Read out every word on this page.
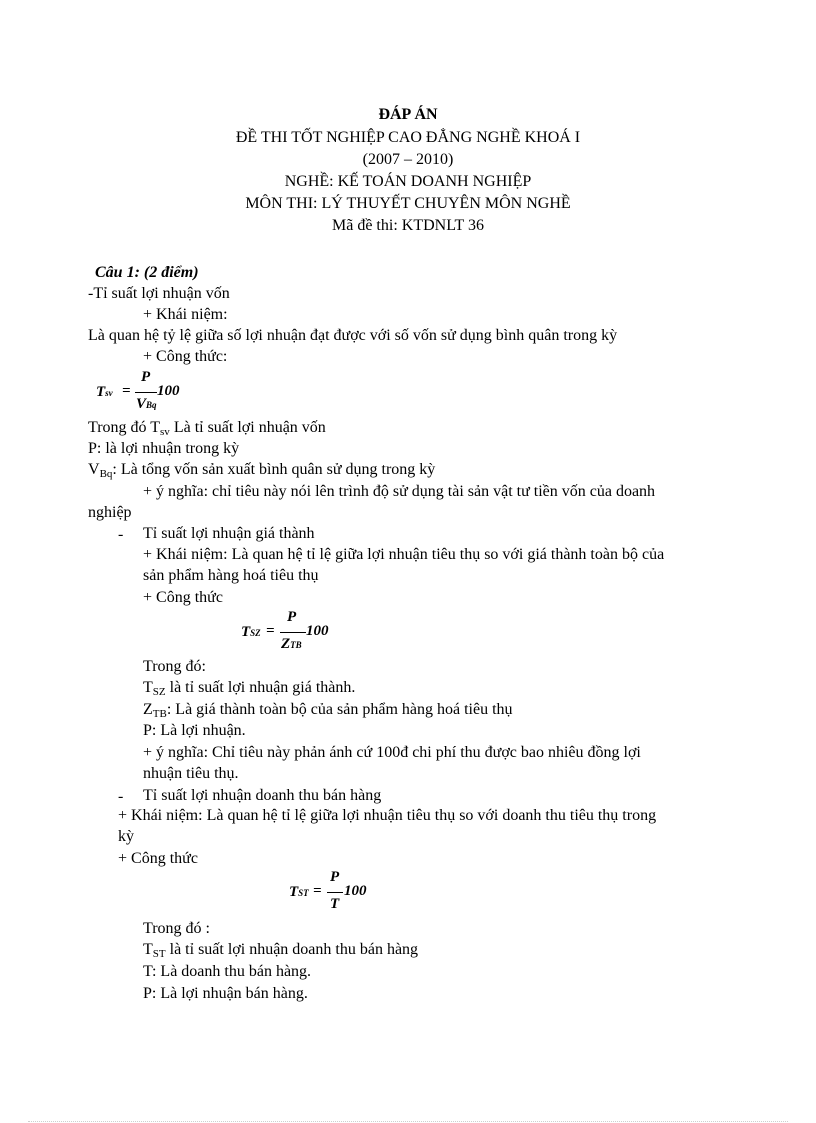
ĐÁP ÁN
ĐỀ THI TỐT NGHIỆP CAO ĐẲNG NGHỀ KHOÁ I
(2007 – 2010)
NGHỀ: KẾ TOÁN DOANH NGHIỆP
MÔN THI: LÝ THUYẾT CHUYÊN MÔN NGHỀ
Mã đề thi: KTDNLT 36
Câu 1: (2 điểm)
-Tỉ suất lợi nhuận vốn
+ Khái niệm:
Là quan hệ tỷ lệ giữa số lợi nhuận đạt được với số vốn sử dụng bình quân trong kỳ
+ Công thức:
Tsv =
P
VBq
100
Trong đó $T_{sv}$ Là tỉ suất lợi nhuận vốn
P: là lợi nhuận trong kỳ
$V_{Bq}$: Là tổng vốn sản xuất bình quân sử dụng trong kỳ
+ ý nghĩa: chỉ tiêu này nói lên trình độ sử dụng tài sản vật tư tiền vốn của doanh
nghiệp
- Tỉ suất lợi nhuận giá thành
+ Khái niệm: Là quan hệ tỉ lệ giữa lợi nhuận tiêu thụ so với giá thành toàn bộ của
sản phẩm hàng hoá tiêu thụ
+ Công thức
TSZ =
P
ZTB
100
Trong đó:
$T_{SZ}$ là tỉ suất lợi nhuận giá thành.
$Z_{TB}$: Là giá thành toàn bộ của sản phẩm hàng hoá tiêu thụ
P: Là lợi nhuận.
+ ý nghĩa: Chỉ tiêu này phản ánh cứ 100đ chi phí thu được bao nhiêu đồng lợi
nhuận tiêu thụ.
- Tỉ suất lợi nhuận doanh thu bán hàng
+ Khái niệm: Là quan hệ tỉ lệ giữa lợi nhuận tiêu thụ so với doanh thu tiêu thụ trong
kỳ
+ Công thức
TST =
P
T
100
Trong đó :
$T_{ST}$ là tỉ suất lợi nhuận doanh thu bán hàng
T: Là doanh thu bán hàng.
P: Là lợi nhuận bán hàng.
